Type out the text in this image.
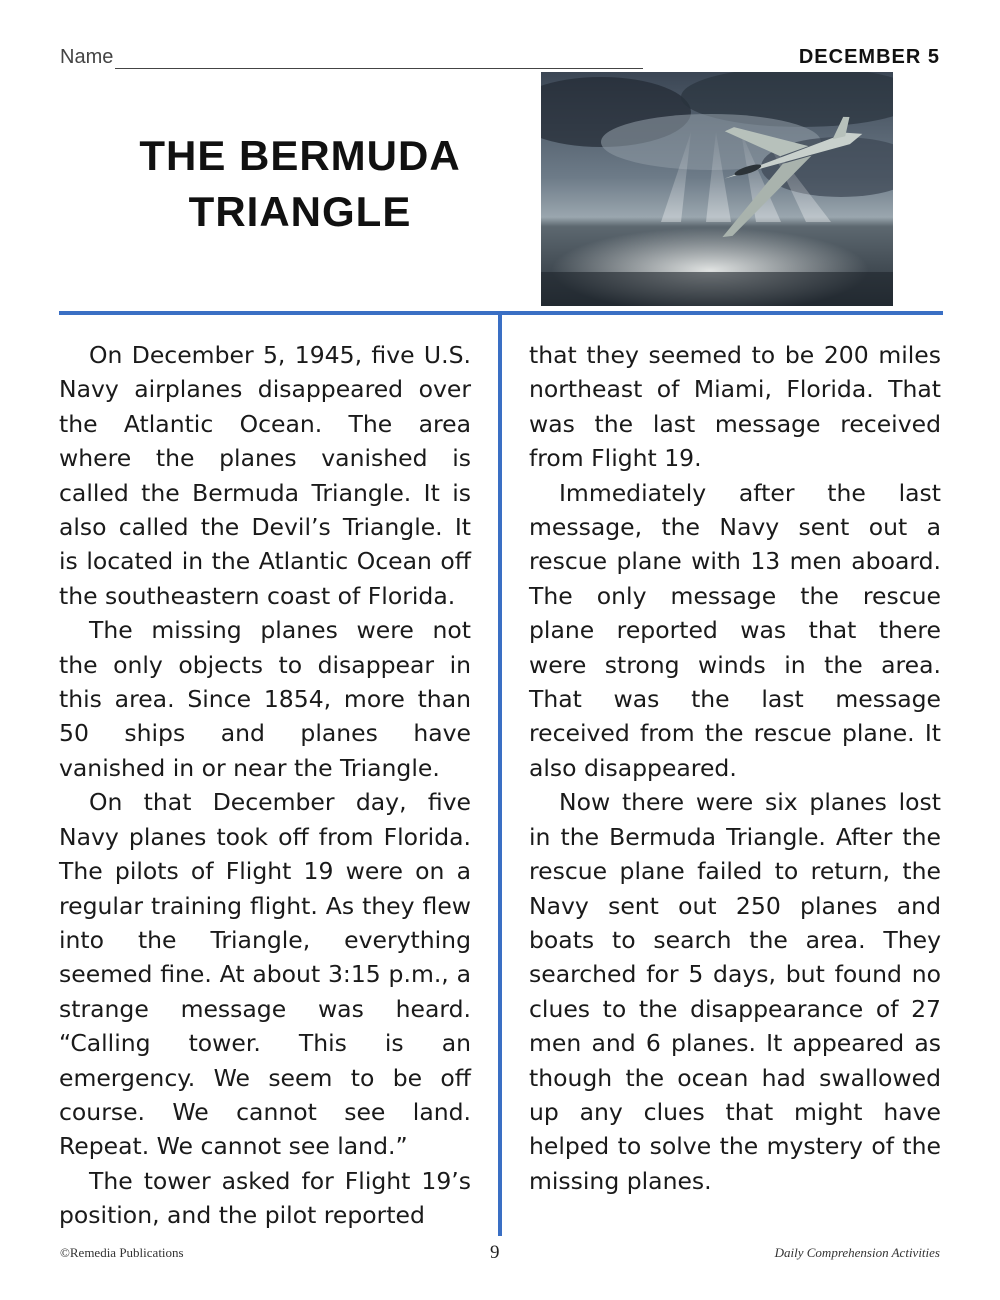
Name	DECEMBER 5
THE BERMUDA
TRIANGLE

On December 5, 1945, five U.S. Navy airplanes disappeared over the Atlantic Ocean. The area where the planes vanished is called the Bermuda Triangle. It is also called the Devil’s Triangle. It is located in the Atlantic Ocean off the southeastern coast of Florida.

The missing planes were not the only objects to disappear in this area. Since 1854, more than 50 ships and planes have vanished in or near the Triangle.

On that December day, five Navy planes took off from Florida. The pilots of Flight 19 were on a regular training flight. As they flew into the Triangle, everything seemed fine. At about 3:15 p.m., a strange message was heard. “Calling tower. This is an emergency. We seem to be off course. We cannot see land. Repeat. We cannot see land.”

The tower asked for Flight 19’s position, and the pilot reported

that they seemed to be 200 miles northeast of Miami, Florida. That was the last message received from Flight 19.

Immediately after the last message, the Navy sent out a rescue plane with 13 men aboard. The only message the rescue plane reported was that there were strong winds in the area. That was the last message received from the rescue plane. It also disappeared.

Now there were six planes lost in the Bermuda Triangle. After the rescue plane failed to return, the Navy sent out 250 planes and boats to search the area. They searched for 5 days, but found no clues to the disappearance of 27 men and 6 planes. It appeared as though the ocean had swallowed up any clues that might have helped to solve the mystery of the missing planes.

©Remedia Publications	9	Daily Comprehension Activities
